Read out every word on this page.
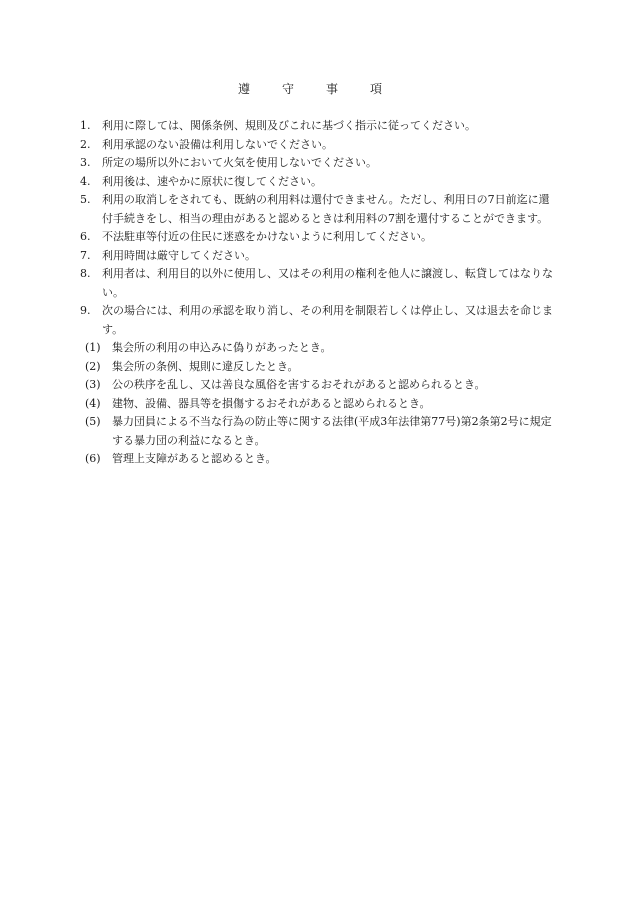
遵　守　事　項
1.	利用に際しては、関係条例、規則及びこれに基づく指示に従ってください。
2.	利用承認のない設備は利用しないでください。
3.	所定の場所以外において火気を使用しないでください。
4.	利用後は、速やかに原状に復してください。
5.	利用の取消しをされても、既納の利用料は還付できません。ただし、利用日の7日前迄に還付手続きをし、相当の理由があると認めるときは利用料の7割を還付することができます。
6.	不法駐車等付近の住民に迷惑をかけないように利用してください。
7.	利用時間は厳守してください。
8.	利用者は、利用目的以外に使用し、又はその利用の権利を他人に譲渡し、転貸してはなりない。
9.	次の場合には、利用の承認を取り消し、その利用を制限若しくは停止し、又は退去を命じます。
(1)	集会所の利用の申込みに偽りがあったとき。
(2)	集会所の条例、規則に違反したとき。
(3)	公の秩序を乱し、又は善良な風俗を害するおそれがあると認められるとき。
(4)	建物、設備、器具等を損傷するおそれがあると認められるとき。
(5)	暴力団員による不当な行為の防止等に関する法律(平成3年法律第77号)第2条第2号に規定する暴力団の利益になるとき。
(6)	管理上支障があると認めるとき。
